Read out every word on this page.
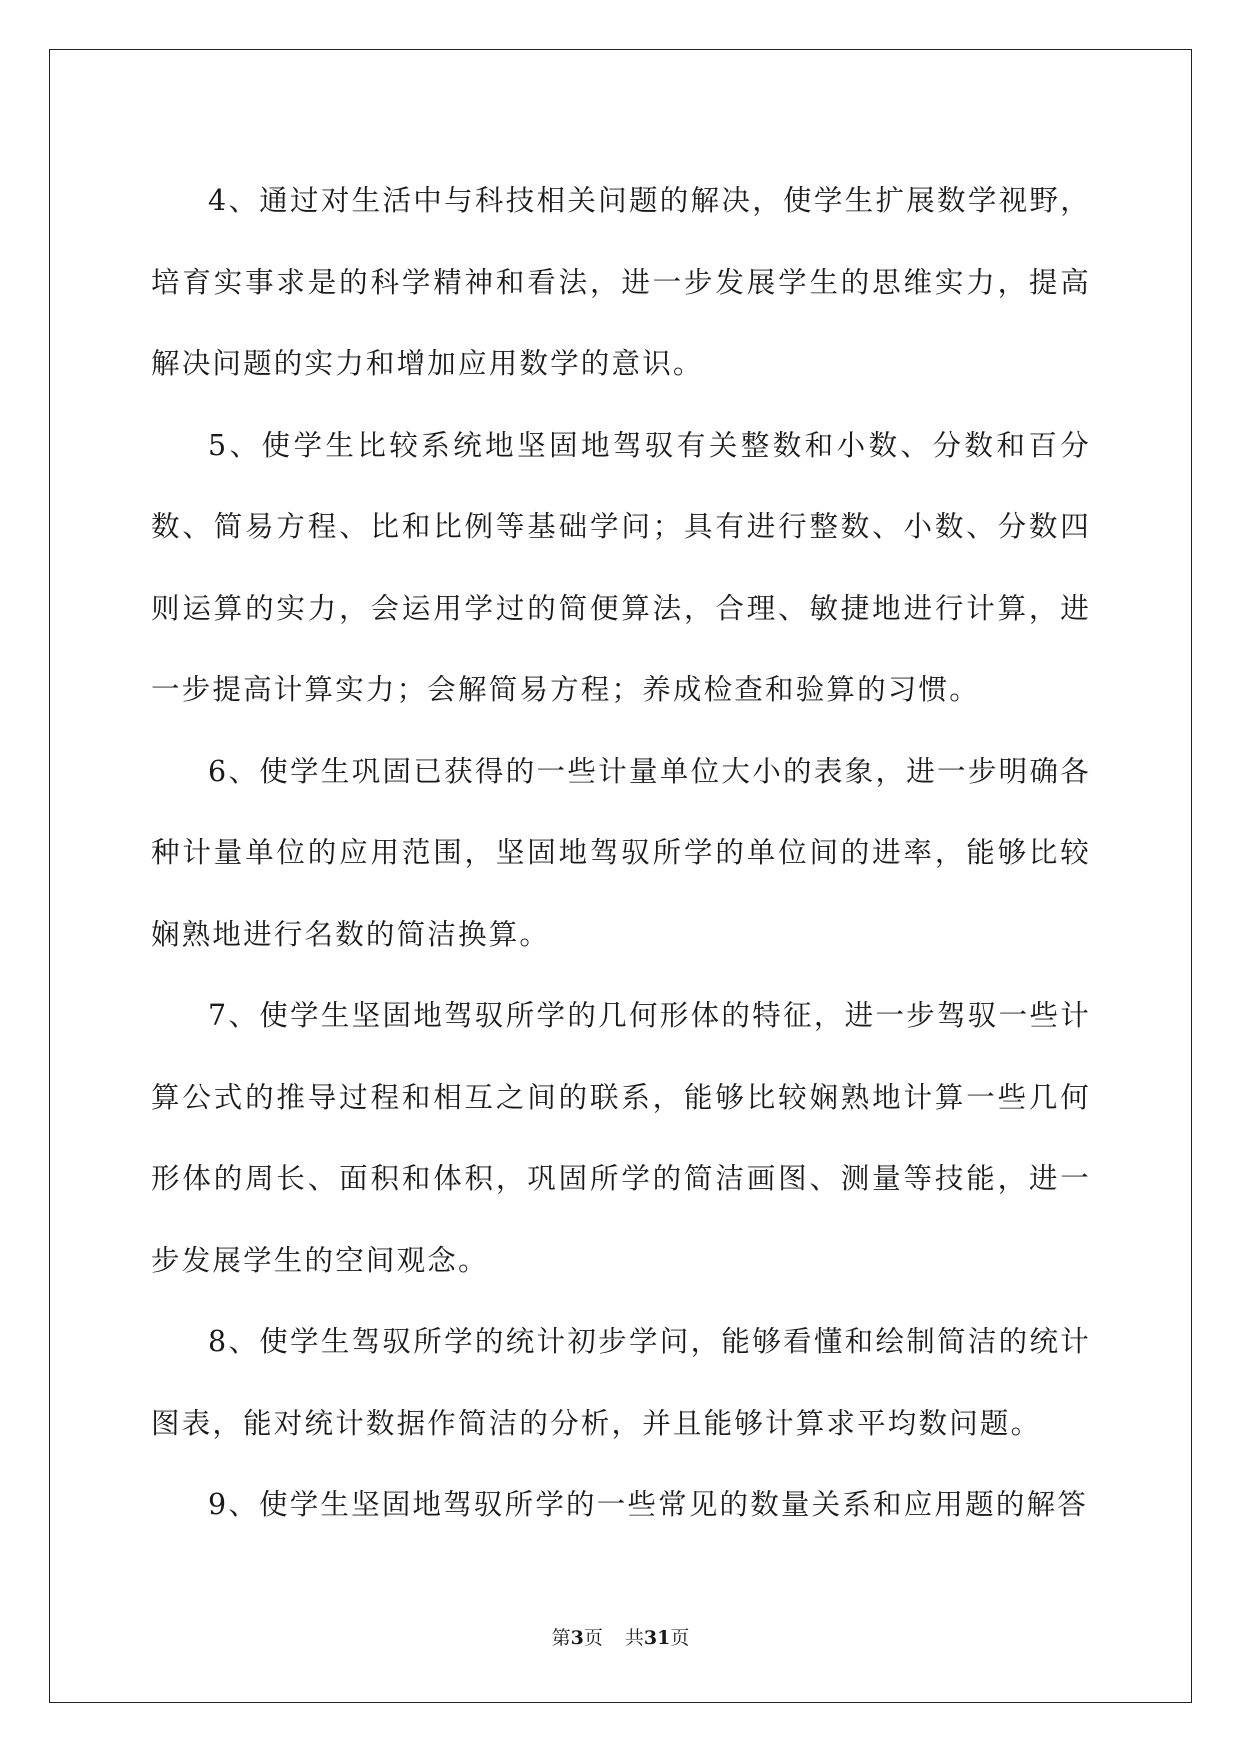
4、通过对生活中与科技相关问题的解决，使学生扩展数学视野，培育实事求是的科学精神和看法，进一步发展学生的思维实力，提高解决问题的实力和增加应用数学的意识。

5、使学生比较系统地坚固地驾驭有关整数和小数、分数和百分数、简易方程、比和比例等基础学问；具有进行整数、小数、分数四则运算的实力，会运用学过的简便算法，合理、敏捷地进行计算，进一步提高计算实力；会解简易方程；养成检查和验算的习惯。

6、使学生巩固已获得的一些计量单位大小的表象，进一步明确各种计量单位的应用范围，坚固地驾驭所学的单位间的进率，能够比较娴熟地进行名数的简洁换算。

7、使学生坚固地驾驭所学的几何形体的特征，进一步驾驭一些计算公式的推导过程和相互之间的联系，能够比较娴熟地计算一些几何形体的周长、面积和体积，巩固所学的简洁画图、测量等技能，进一步发展学生的空间观念。

8、使学生驾驭所学的统计初步学问，能够看懂和绘制简洁的统计图表，能对统计数据作简洁的分析，并且能够计算求平均数问题。

9、使学生坚固地驾驭所学的一些常见的数量关系和应用题的解答

第3页 共31页
